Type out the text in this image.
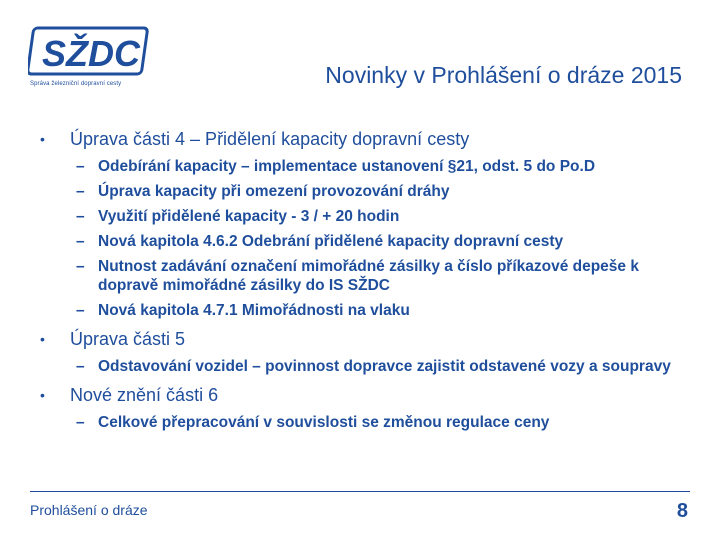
SŽDC
Správa železniční dopravní cesty	Novinky v Prohlášení o dráze 2015
•	Úprava části 4 – Přidělení kapacity dopravní cesty
– Odebírání kapacity – implementace ustanovení §21, odst. 5 do Po.D
– Úprava kapacity při omezení provozování dráhy
– Využití přidělené kapacity - 3 / + 20 hodin
– Nová kapitola 4.6.2 Odebrání přidělené kapacity dopravní cesty
– Nutnost zadávání označení mimořádné zásilky a číslo příkazové depeše k dopravě mimořádné zásilky do IS SŽDC
– Nová kapitola 4.7.1 Mimořádnosti na vlaku
•	Úprava části 5
– Odstavování vozidel – povinnost dopravce zajistit odstavené vozy a soupravy
•	Nové znění části 6
– Celkové přepracování v souvislosti se změnou regulace ceny
Prohlášení o dráze	8
